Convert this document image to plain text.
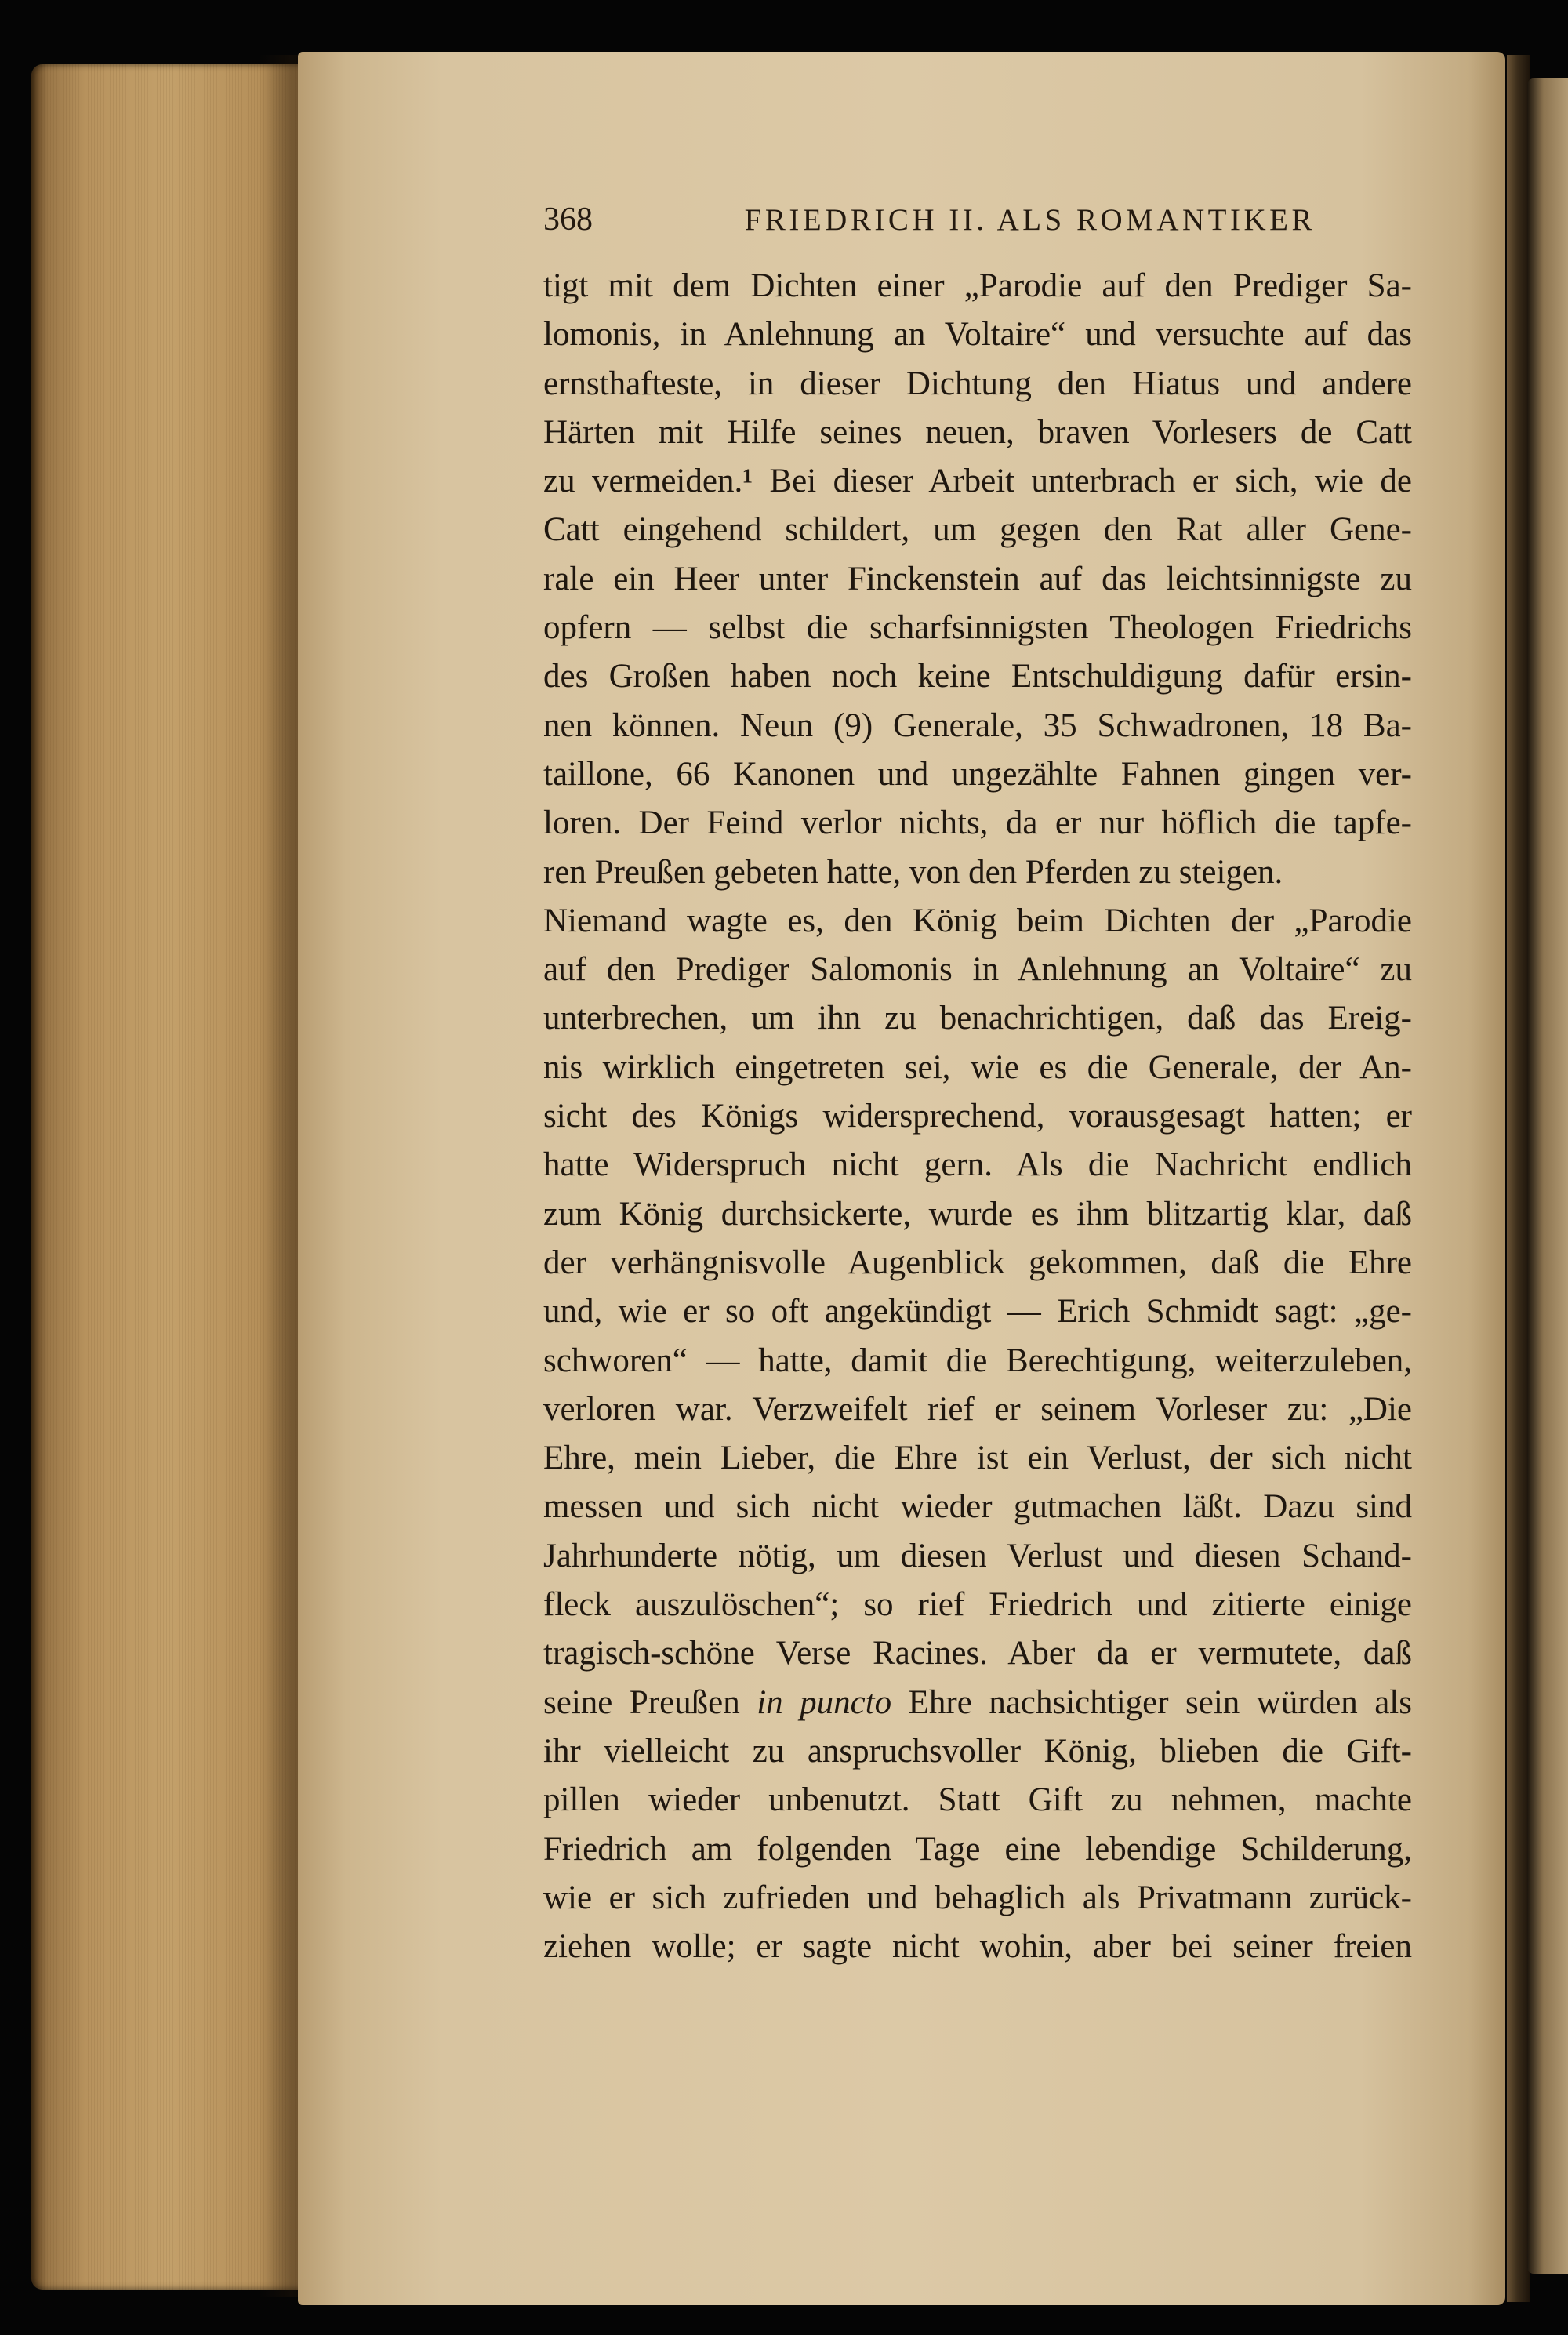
368	FRIEDRICH II. ALS ROMANTIKER
tigt mit dem Dichten einer „Parodie auf den Prediger Sa-
lomonis, in Anlehnung an Voltaire“ und versuchte auf das
ernsthafteste, in dieser Dichtung den Hiatus und andere
Härten mit Hilfe seines neuen, braven Vorlesers de Catt
zu vermeiden.¹ Bei dieser Arbeit unterbrach er sich, wie de
Catt eingehend schildert, um gegen den Rat aller Gene-
rale ein Heer unter Finckenstein auf das leichtsinnigste zu
opfern — selbst die scharfsinnigsten Theologen Friedrichs
des Großen haben noch keine Entschuldigung dafür ersin-
nen können. Neun (9) Generale, 35 Schwadronen, 18 Ba-
taillone, 66 Kanonen und ungezählte Fahnen gingen ver-
loren. Der Feind verlor nichts, da er nur höflich die tapfe-
ren Preußen gebeten hatte, von den Pferden zu steigen.
Niemand wagte es, den König beim Dichten der „Parodie
auf den Prediger Salomonis in Anlehnung an Voltaire“ zu
unterbrechen, um ihn zu benachrichtigen, daß das Ereig-
nis wirklich eingetreten sei, wie es die Generale, der An-
sicht des Königs widersprechend, vorausgesagt hatten; er
hatte Widerspruch nicht gern. Als die Nachricht endlich
zum König durchsickerte, wurde es ihm blitzartig klar, daß
der verhängnisvolle Augenblick gekommen, daß die Ehre
und, wie er so oft angekündigt — Erich Schmidt sagt: „ge-
schworen“ — hatte, damit die Berechtigung, weiterzuleben,
verloren war. Verzweifelt rief er seinem Vorleser zu: „Die
Ehre, mein Lieber, die Ehre ist ein Verlust, der sich nicht
messen und sich nicht wieder gutmachen läßt. Dazu sind
Jahrhunderte nötig, um diesen Verlust und diesen Schand-
fleck auszulöschen“; so rief Friedrich und zitierte einige
tragisch-schöne Verse Racines. Aber da er vermutete, daß
seine Preußen in puncto Ehre nachsichtiger sein würden als
ihr vielleicht zu anspruchsvoller König, blieben die Gift-
pillen wieder unbenutzt. Statt Gift zu nehmen, machte
Friedrich am folgenden Tage eine lebendige Schilderung,
wie er sich zufrieden und behaglich als Privatmann zurück-
ziehen wolle; er sagte nicht wohin, aber bei seiner freien
